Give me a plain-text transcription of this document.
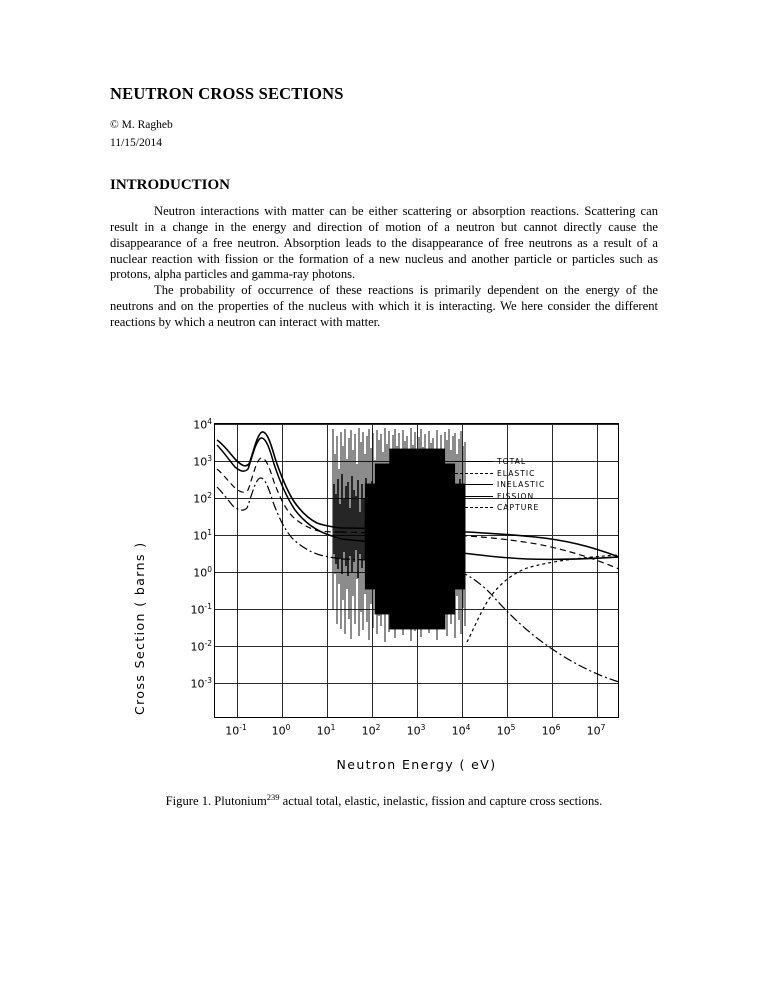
NEUTRON CROSS SECTIONS
© M. Ragheb
11/15/2014
INTRODUCTION

Neutron interactions with matter can be either scattering or absorption reactions. Scattering can result in a change in the energy and direction of motion of a neutron but cannot directly cause the disappearance of a free neutron. Absorption leads to the disappearance of free neutrons as a result of a nuclear reaction with fission or the formation of a new nucleus and another particle or particles such as protons, alpha particles and gamma-ray photons.

The probability of occurrence of these reactions is primarily dependent on the energy of the neutrons and on the properties of the nucleus with which it is interacting. We here consider the different reactions by which a neutron can interact with matter.

Cross Section ( barns )
$10^4$
$10^3$
$10^2$
$10^1$
$10^0$
$10^{-1}$
$10^{-2}$
$10^{-3}$
$10^{-1}$ $10^0$ $10^1$ $10^2$ $10^3$ $10^4$ $10^5$ $10^6$ $10^7$
TOTAL
ELASTIC
INELASTIC
FISSION
CAPTURE
Neutron Energy ( eV)
Figure 1. Plutonium$^{239}$ actual total, elastic, inelastic, fission and capture cross sections.
